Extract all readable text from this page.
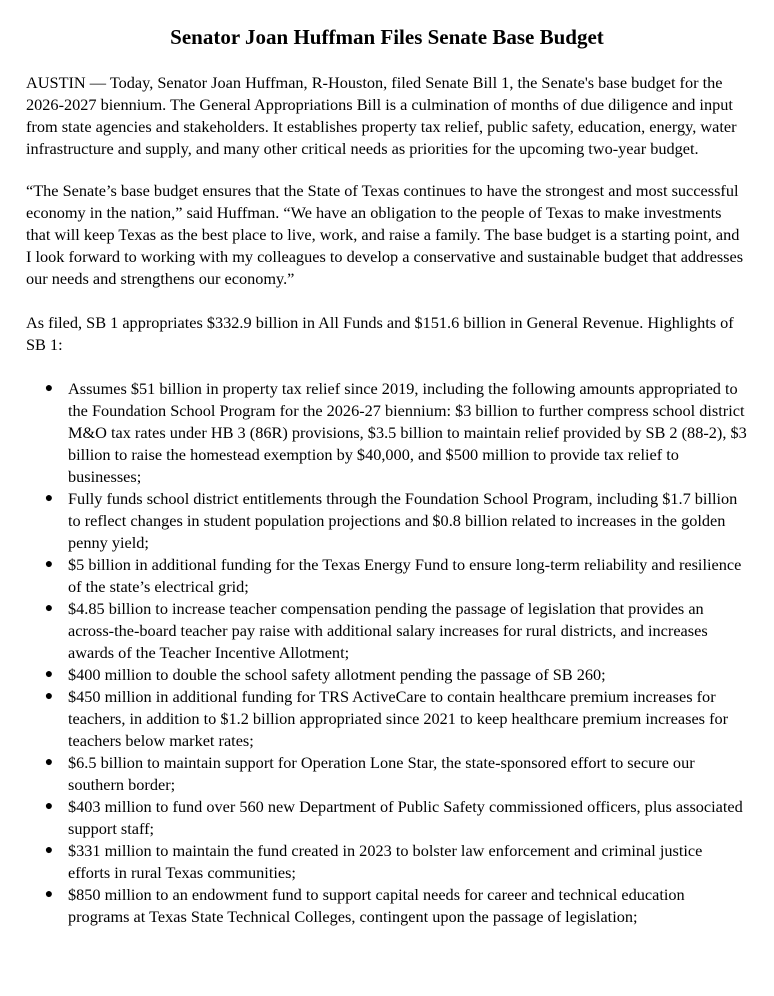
Senator Joan Huffman Files Senate Base Budget

AUSTIN — Today, Senator Joan Huffman, R-Houston, filed Senate Bill 1, the Senate's base budget for the 2026-2027 biennium. The General Appropriations Bill is a culmination of months of due diligence and input from state agencies and stakeholders. It establishes property tax relief, public safety, education, energy, water infrastructure and supply, and many other critical needs as priorities for the upcoming two-year budget.

“The Senate’s base budget ensures that the State of Texas continues to have the strongest and most successful economy in the nation,” said Huffman. “We have an obligation to the people of Texas to make investments that will keep Texas as the best place to live, work, and raise a family. The base budget is a starting point, and I look forward to working with my colleagues to develop a conservative and sustainable budget that addresses our needs and strengthens our economy.”

As filed, SB 1 appropriates $332.9 billion in All Funds and $151.6 billion in General Revenue. Highlights of SB 1:

● Assumes $51 billion in property tax relief since 2019, including the following amounts appropriated to the Foundation School Program for the 2026-27 biennium: $3 billion to further compress school district M&O tax rates under HB 3 (86R) provisions, $3.5 billion to maintain relief provided by SB 2 (88-2), $3 billion to raise the homestead exemption by $40,000, and $500 million to provide tax relief to businesses;
● Fully funds school district entitlements through the Foundation School Program, including $1.7 billion to reflect changes in student population projections and $0.8 billion related to increases in the golden penny yield;
● $5 billion in additional funding for the Texas Energy Fund to ensure long-term reliability and resilience of the state’s electrical grid;
● $4.85 billion to increase teacher compensation pending the passage of legislation that provides an across-the-board teacher pay raise with additional salary increases for rural districts, and increases awards of the Teacher Incentive Allotment;
● $400 million to double the school safety allotment pending the passage of SB 260;
● $450 million in additional funding for TRS ActiveCare to contain healthcare premium increases for teachers, in addition to $1.2 billion appropriated since 2021 to keep healthcare premium increases for teachers below market rates;
● $6.5 billion to maintain support for Operation Lone Star, the state-sponsored effort to secure our southern border;
● $403 million to fund over 560 new Department of Public Safety commissioned officers, plus associated support staff;
● $331 million to maintain the fund created in 2023 to bolster law enforcement and criminal justice efforts in rural Texas communities;
● $850 million to an endowment fund to support capital needs for career and technical education programs at Texas State Technical Colleges, contingent upon the passage of legislation;
